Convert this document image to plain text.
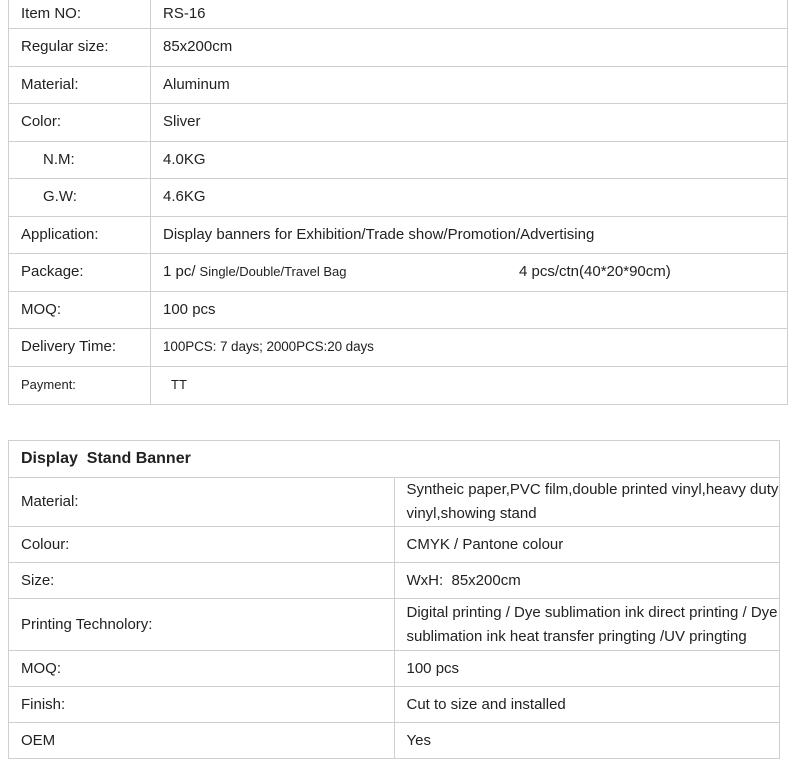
Item NO:	RS-16
Regular size:	85x200cm
Material:	Aluminum
Color:	Sliver
N.M:	4.0KG
G.W:	4.6KG
Application:	Display banners for Exhibition/Trade show/Promotion/Advertising
Package:	1 pc/ Single/Double/Travel Bag 4 pcs/ctn(40*20*90cm)

MOQ:	100 pcs
Delivery Time:	100PCS: 7 days; 2000PCS:20 days
Payment:	TT
Display  Stand Banner	
Material:	Syntheic paper,PVC film,double printed vinyl,heavy duty vinyl,showing stand
Colour:	CMYK / Pantone colour
Size:	WxH:  85x200cm
Printing Technolory:	Digital printing / Dye sublimation ink direct printing / Dye sublimation ink heat transfer pringting /UV pringting
MOQ:	100 pcs
Finish:	Cut to size and installed
OEM	Yes
